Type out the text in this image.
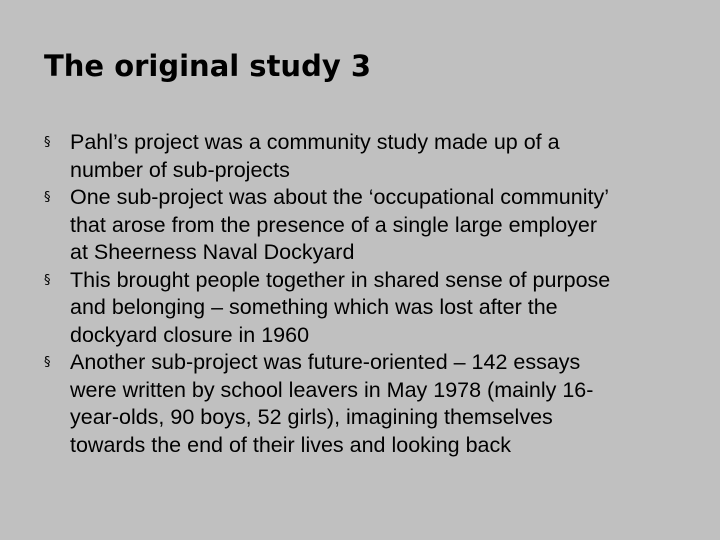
The original study 3
§ Pahl’s project was a community study made up of a
number of sub-projects
§ One sub-project was about the ‘occupational community’
that arose from the presence of a single large employer
at Sheerness Naval Dockyard
§ This brought people together in shared sense of purpose
and belonging – something which was lost after the
dockyard closure in 1960
§ Another sub-project was future-oriented – 142 essays
were written by school leavers in May 1978 (mainly 16-
year-olds, 90 boys, 52 girls), imagining themselves
towards the end of their lives and looking back
